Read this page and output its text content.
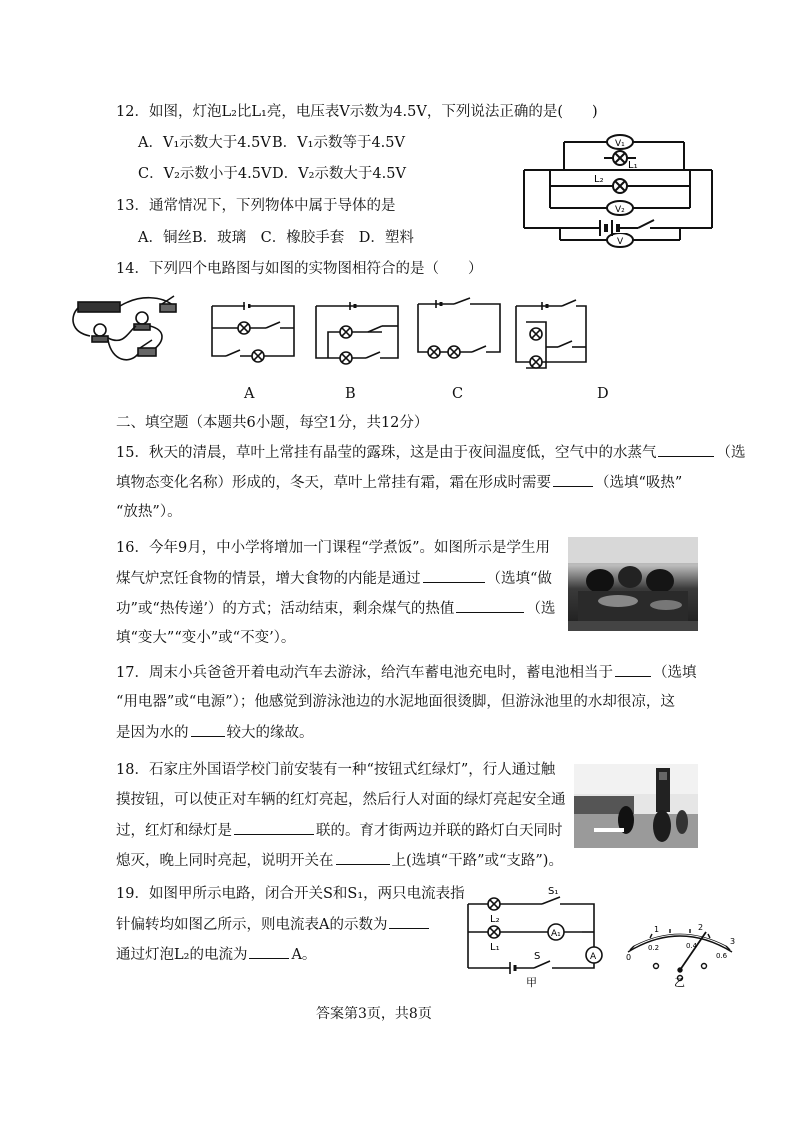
12．如图，灯泡L₂比L₁亮，电压表V示数为4.5V，下列说法正确的是(　　)
A．V₁示数大于4.5V B．V₁示数等于4.5V
C．V₂示数小于4.5V D．V₂示数大于4.5V
V₁
L₁
L₂
V₂
V
13．通常情况下，下列物体中属于导体的是
A．铜丝B．玻璃　C．橡胶手套　D．塑料
14．下列四个电路图与如图的实物图相符合的是（　　）
A	B	C	D
二、填空题（本题共6小题，每空1分，共12分）
15．秋天的清晨，草叶上常挂有晶莹的露珠，这是由于夜间温度低，空气中的水蒸气	（选
填物态变化名称）形成的，冬天，草叶上常挂有霜，霜在形成时需要	（选填“吸热”
“放热”）。
16．今年9月，中小学将增加一门课程“学煮饭”。如图所示是学生用
煤气炉烹饪食物的情景，增大食物的内能是通过	（选填“做
功”或“热传递’）的方式；活动结束，剩余煤气的热值	（选
填“变大”“变小”或“不变’）。
17．周末小兵爸爸开着电动汽车去游泳，给汽车蓄电池充电时，蓄电池相当于	（选填
“用电器”或“电源”）；他感觉到游泳池边的水泥地面很烫脚，但游泳池里的水却很凉，这
是因为水的	较大的缘故。
18．石家庄外国语学校门前安装有一种“按钮式红绿灯”，行人通过触
摸按钮，可以使正对车辆的红灯亮起，然后行人对面的绿灯亮起安全通
过，红灯和绿灯是	联的。育才街两边并联的路灯白天同时
熄灭，晚上同时亮起，说明开关在	上(选填“干路”或“支路”)。
19．如图甲所示电路，闭合开关S和S₁，两只电流表指
针偏转均如图乙所示，则电流表A的示数为
通过灯泡L₂的电流为	A。
S₁
L₂
L₁
A₁
A
S
甲
0
1	2
3
0.2	0.4
0.6
乙
答案第3页，共8页
